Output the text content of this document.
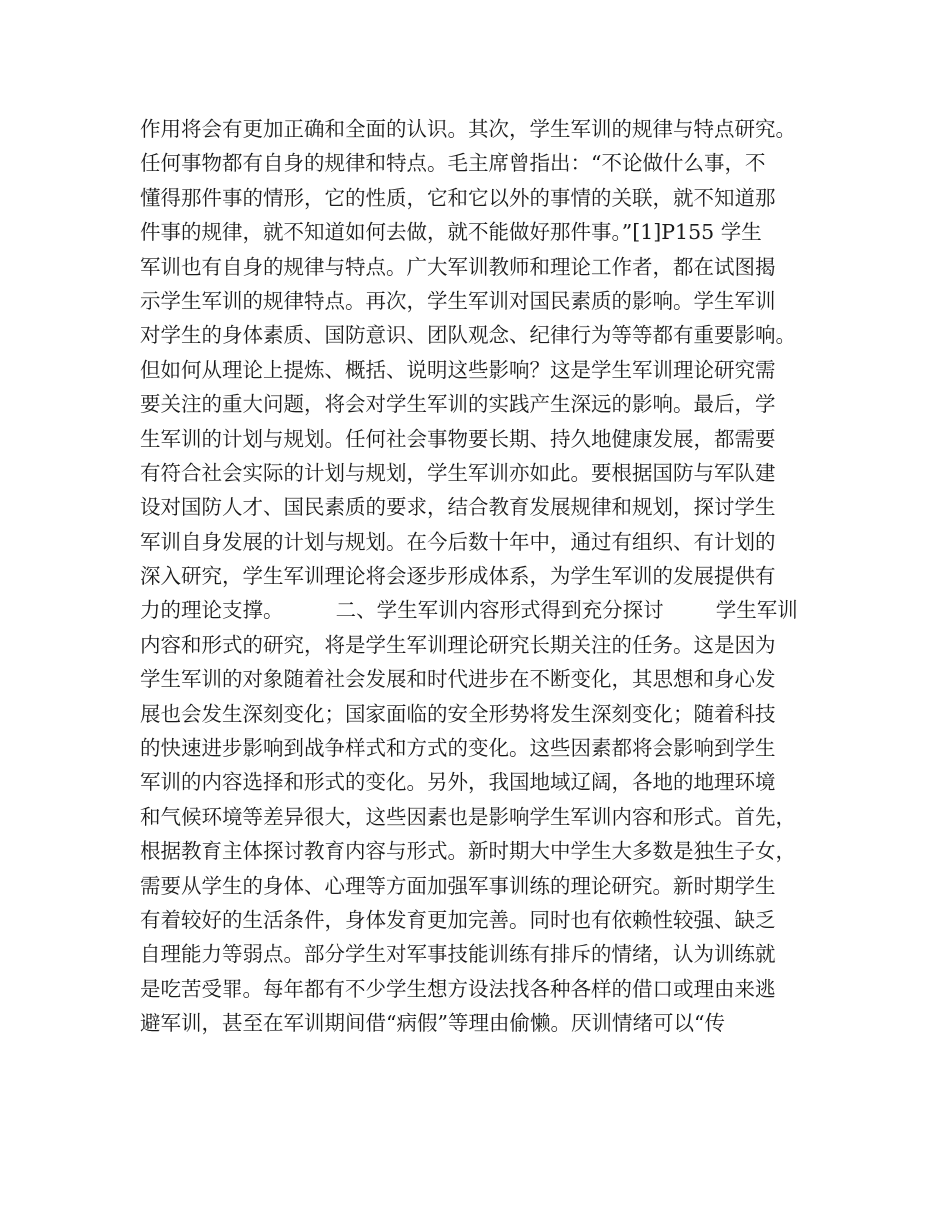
作用将会有更加正确和全面的认识。其次，学生军训的规律与特点研究。
任何事物都有自身的规律和特点。毛主席曾指出：“不论做什么事，不
懂得那件事的情形，它的性质，它和它以外的事情的关联，就不知道那
件事的规律，就不知道如何去做，就不能做好那件事。”[1]P155 学生
军训也有自身的规律与特点。广大军训教师和理论工作者，都在试图揭
示学生军训的规律特点。再次，学生军训对国民素质的影响。学生军训
对学生的身体素质、国防意识、团队观念、纪律行为等等都有重要影响。
但如何从理论上提炼、概括、说明这些影响？这是学生军训理论研究需
要关注的重大问题，将会对学生军训的实践产生深远的影响。最后，学
生军训的计划与规划。任何社会事物要长期、持久地健康发展，都需要
有符合社会实际的计划与规划，学生军训亦如此。要根据国防与军队建
设对国防人才、国民素质的要求，结合教育发展规律和规划，探讨学生
军训自身发展的计划与规划。在今后数十年中，通过有组织、有计划的
深入研究，学生军训理论将会逐步形成体系，为学生军训的发展提供有
力的理论支撑。        二、学生军训内容形式得到充分探讨        学生军训
内容和形式的研究，将是学生军训理论研究长期关注的任务。这是因为
学生军训的对象随着社会发展和时代进步在不断变化，其思想和身心发
展也会发生深刻变化；国家面临的安全形势将发生深刻变化；随着科技
的快速进步影响到战争样式和方式的变化。这些因素都将会影响到学生
军训的内容选择和形式的变化。另外，我国地域辽阔，各地的地理环境
和气候环境等差异很大，这些因素也是影响学生军训内容和形式。首先，
根据教育主体探讨教育内容与形式。新时期大中学生大多数是独生子女，
需要从学生的身体、心理等方面加强军事训练的理论研究。新时期学生
有着较好的生活条件，身体发育更加完善。同时也有依赖性较强、缺乏
自理能力等弱点。部分学生对军事技能训练有排斥的情绪，认为训练就
是吃苦受罪。每年都有不少学生想方设法找各种各样的借口或理由来逃
避军训，甚至在军训期间借“病假”等理由偷懒。厌训情绪可以“传
